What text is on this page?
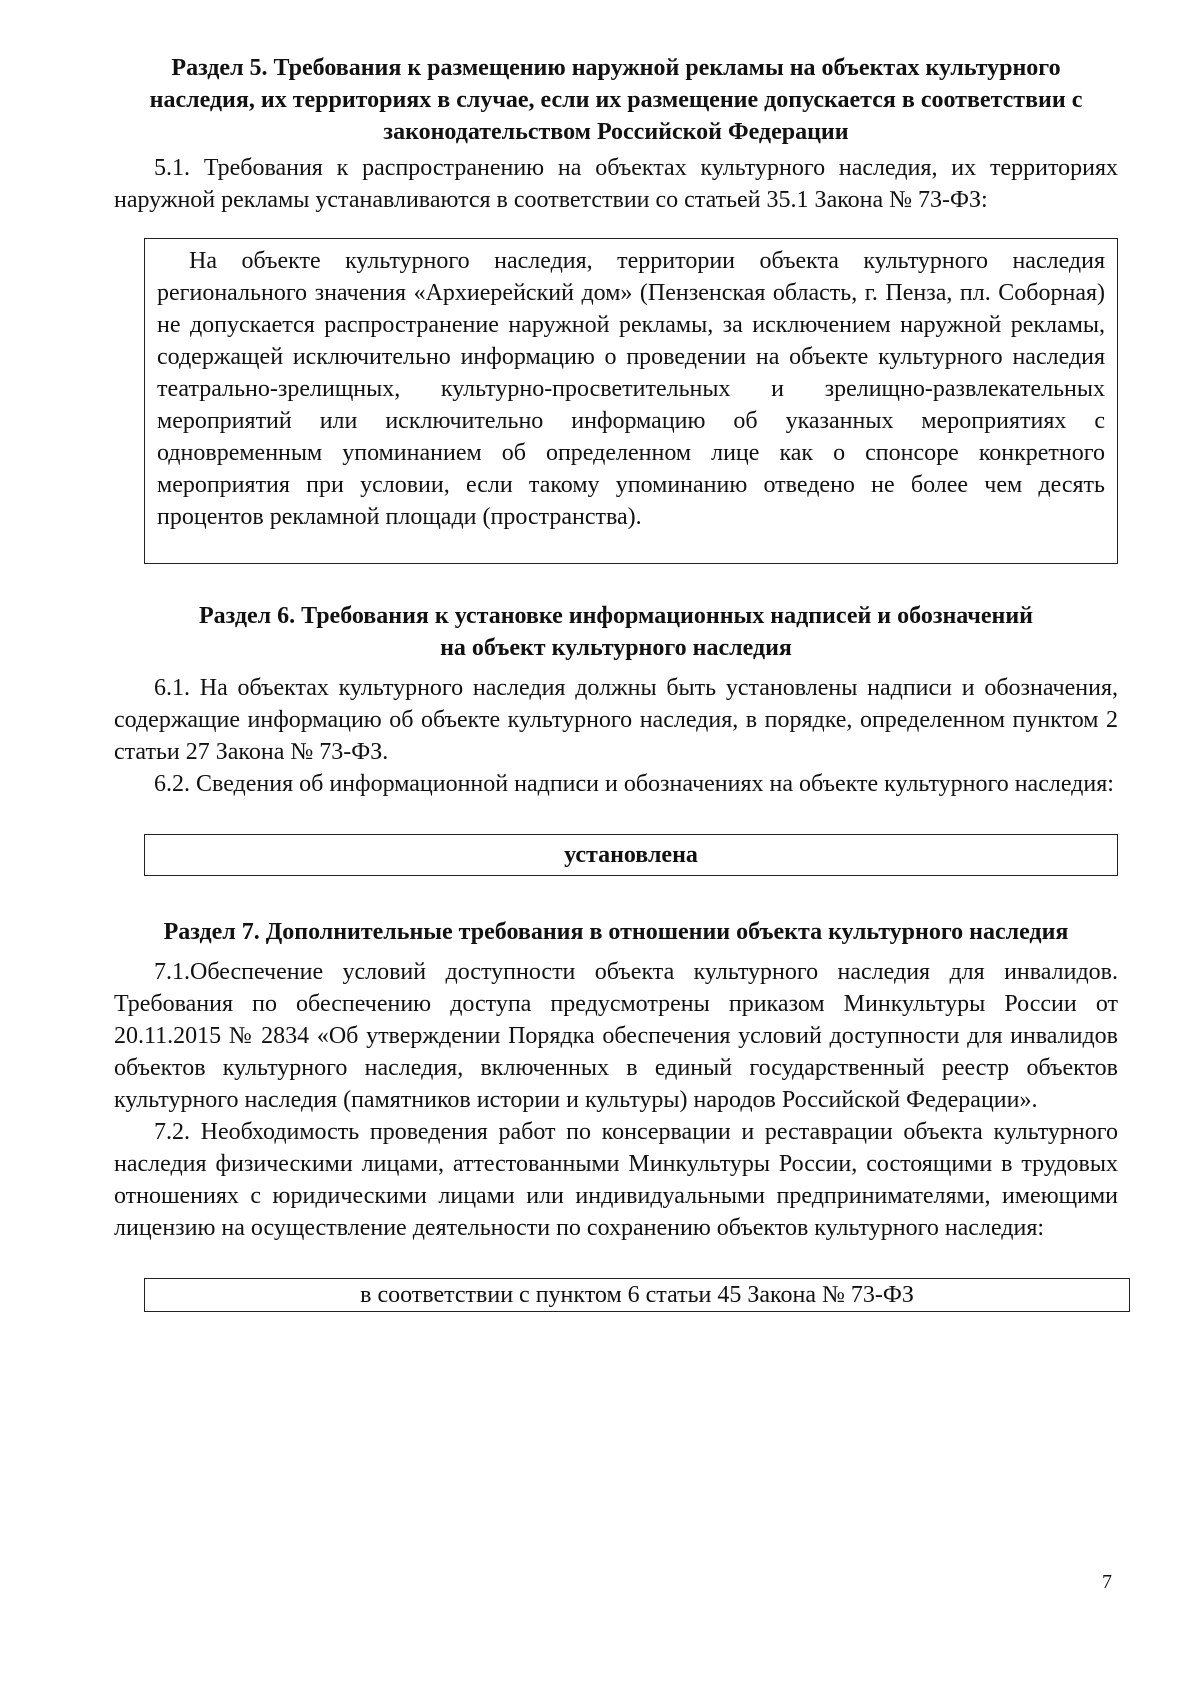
Раздел 5. Требования к размещению наружной рекламы на объектах культурного наследия, их территориях в случае, если их размещение допускается в соответствии с законодательством Российской Федерации

5.1. Требования к распространению на объектах культурного наследия, их территориях наружной рекламы устанавливаются в соответствии со статьей 35.1 Закона № 73-ФЗ:

На объекте культурного наследия, территории объекта культурного наследия регионального значения «Архиерейский дом» (Пензенская область, г. Пенза, пл. Соборная) не допускается распространение наружной рекламы, за исключением наружной рекламы, содержащей исключительно информацию о проведении на объекте культурного наследия театрально-зрелищных, культурно-просветительных и зрелищно-развлекательных мероприятий или исключительно информацию об указанных мероприятиях с одновременным упоминанием об определенном лице как о спонсоре конкретного мероприятия при условии, если такому упоминанию отведено не более чем десять процентов рекламной площади (пространства).

Раздел 6. Требования к установке информационных надписей и обозначений на объект культурного наследия

6.1. На объектах культурного наследия должны быть установлены надписи и обозначения, содержащие информацию об объекте культурного наследия, в порядке, определенном пунктом 2 статьи 27 Закона № 73-ФЗ.

6.2. Сведения об информационной надписи и обозначениях на объекте культурного наследия:

установлена

Раздел 7. Дополнительные требования в отношении объекта культурного наследия

7.1.Обеспечение условий доступности объекта культурного наследия для инвалидов. Требования по обеспечению доступа предусмотрены приказом Минкультуры России от 20.11.2015 № 2834 «Об утверждении Порядка обеспечения условий доступности для инвалидов объектов культурного наследия, включенных в единый государственный реестр объектов культурного наследия (памятников истории и культуры) народов Российской Федерации».

7.2. Необходимость проведения работ по консервации и реставрации объекта культурного наследия физическими лицами, аттестованными Минкультуры России, состоящими в трудовых отношениях с юридическими лицами или индивидуальными предпринимателями, имеющими лицензию на осуществление деятельности по сохранению объектов культурного наследия:

в соответствии с пунктом 6 статьи 45 Закона № 73-ФЗ

7
